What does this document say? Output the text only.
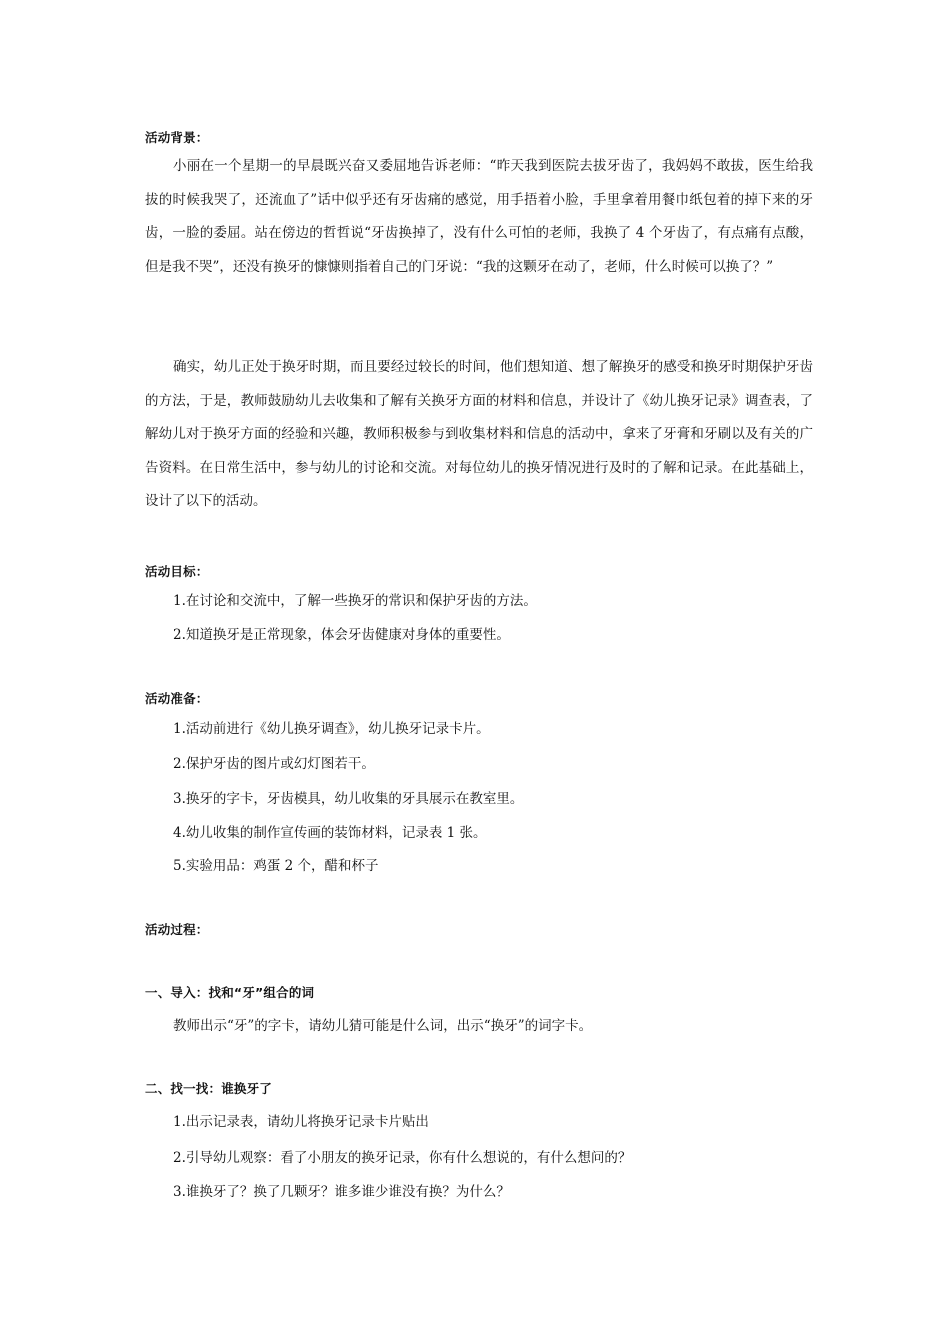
活动背景：

小丽在一个星期一的早晨既兴奋又委屈地告诉老师：“昨天我到医院去拔牙齿了，我妈妈不敢拔，医生给我拔的时候我哭了，还流血了”话中似乎还有牙齿痛的感觉，用手捂着小脸，手里拿着用餐巾纸包着的掉下来的牙齿，一脸的委屈。站在傍边的哲哲说“牙齿换掉了，没有什么可怕的老师，我换了 4 个牙齿了，有点痛有点酸，但是我不哭”，还没有换牙的慷慷则指着自己的门牙说：“我的这颗牙在动了，老师，什么时候可以换了？”

确实，幼儿正处于换牙时期，而且要经过较长的时间，他们想知道、想了解换牙的感受和换牙时期保护牙齿的方法，于是，教师鼓励幼儿去收集和了解有关换牙方面的材料和信息，并设计了《幼儿换牙记录》调查表，了解幼儿对于换牙方面的经验和兴趣，教师积极参与到收集材料和信息的活动中，拿来了牙膏和牙刷以及有关的广告资料。在日常生活中，参与幼儿的讨论和交流。对每位幼儿的换牙情况进行及时的了解和记录。在此基础上，设计了以下的活动。

活动目标：
1.在讨论和交流中，了解一些换牙的常识和保护牙齿的方法。
2.知道换牙是正常现象，体会牙齿健康对身体的重要性。
活动准备：
1.活动前进行《幼儿换牙调查》，幼儿换牙记录卡片。
2.保护牙齿的图片或幻灯图若干。
3.换牙的字卡，牙齿模具，幼儿收集的牙具展示在教室里。
4.幼儿收集的制作宣传画的装饰材料，记录表 1 张。
5.实验用品：鸡蛋 2 个，醋和杯子
活动过程：
一、导入：找和“牙”组合的词
教师出示“牙”的字卡，请幼儿猜可能是什么词，出示“换牙”的词字卡。
二、找一找：谁换牙了
1.出示记录表，请幼儿将换牙记录卡片贴出
2.引导幼儿观察：看了小朋友的换牙记录，你有什么想说的，有什么想问的？
3.谁换牙了？换了几颗牙？谁多谁少谁没有换？为什么？
